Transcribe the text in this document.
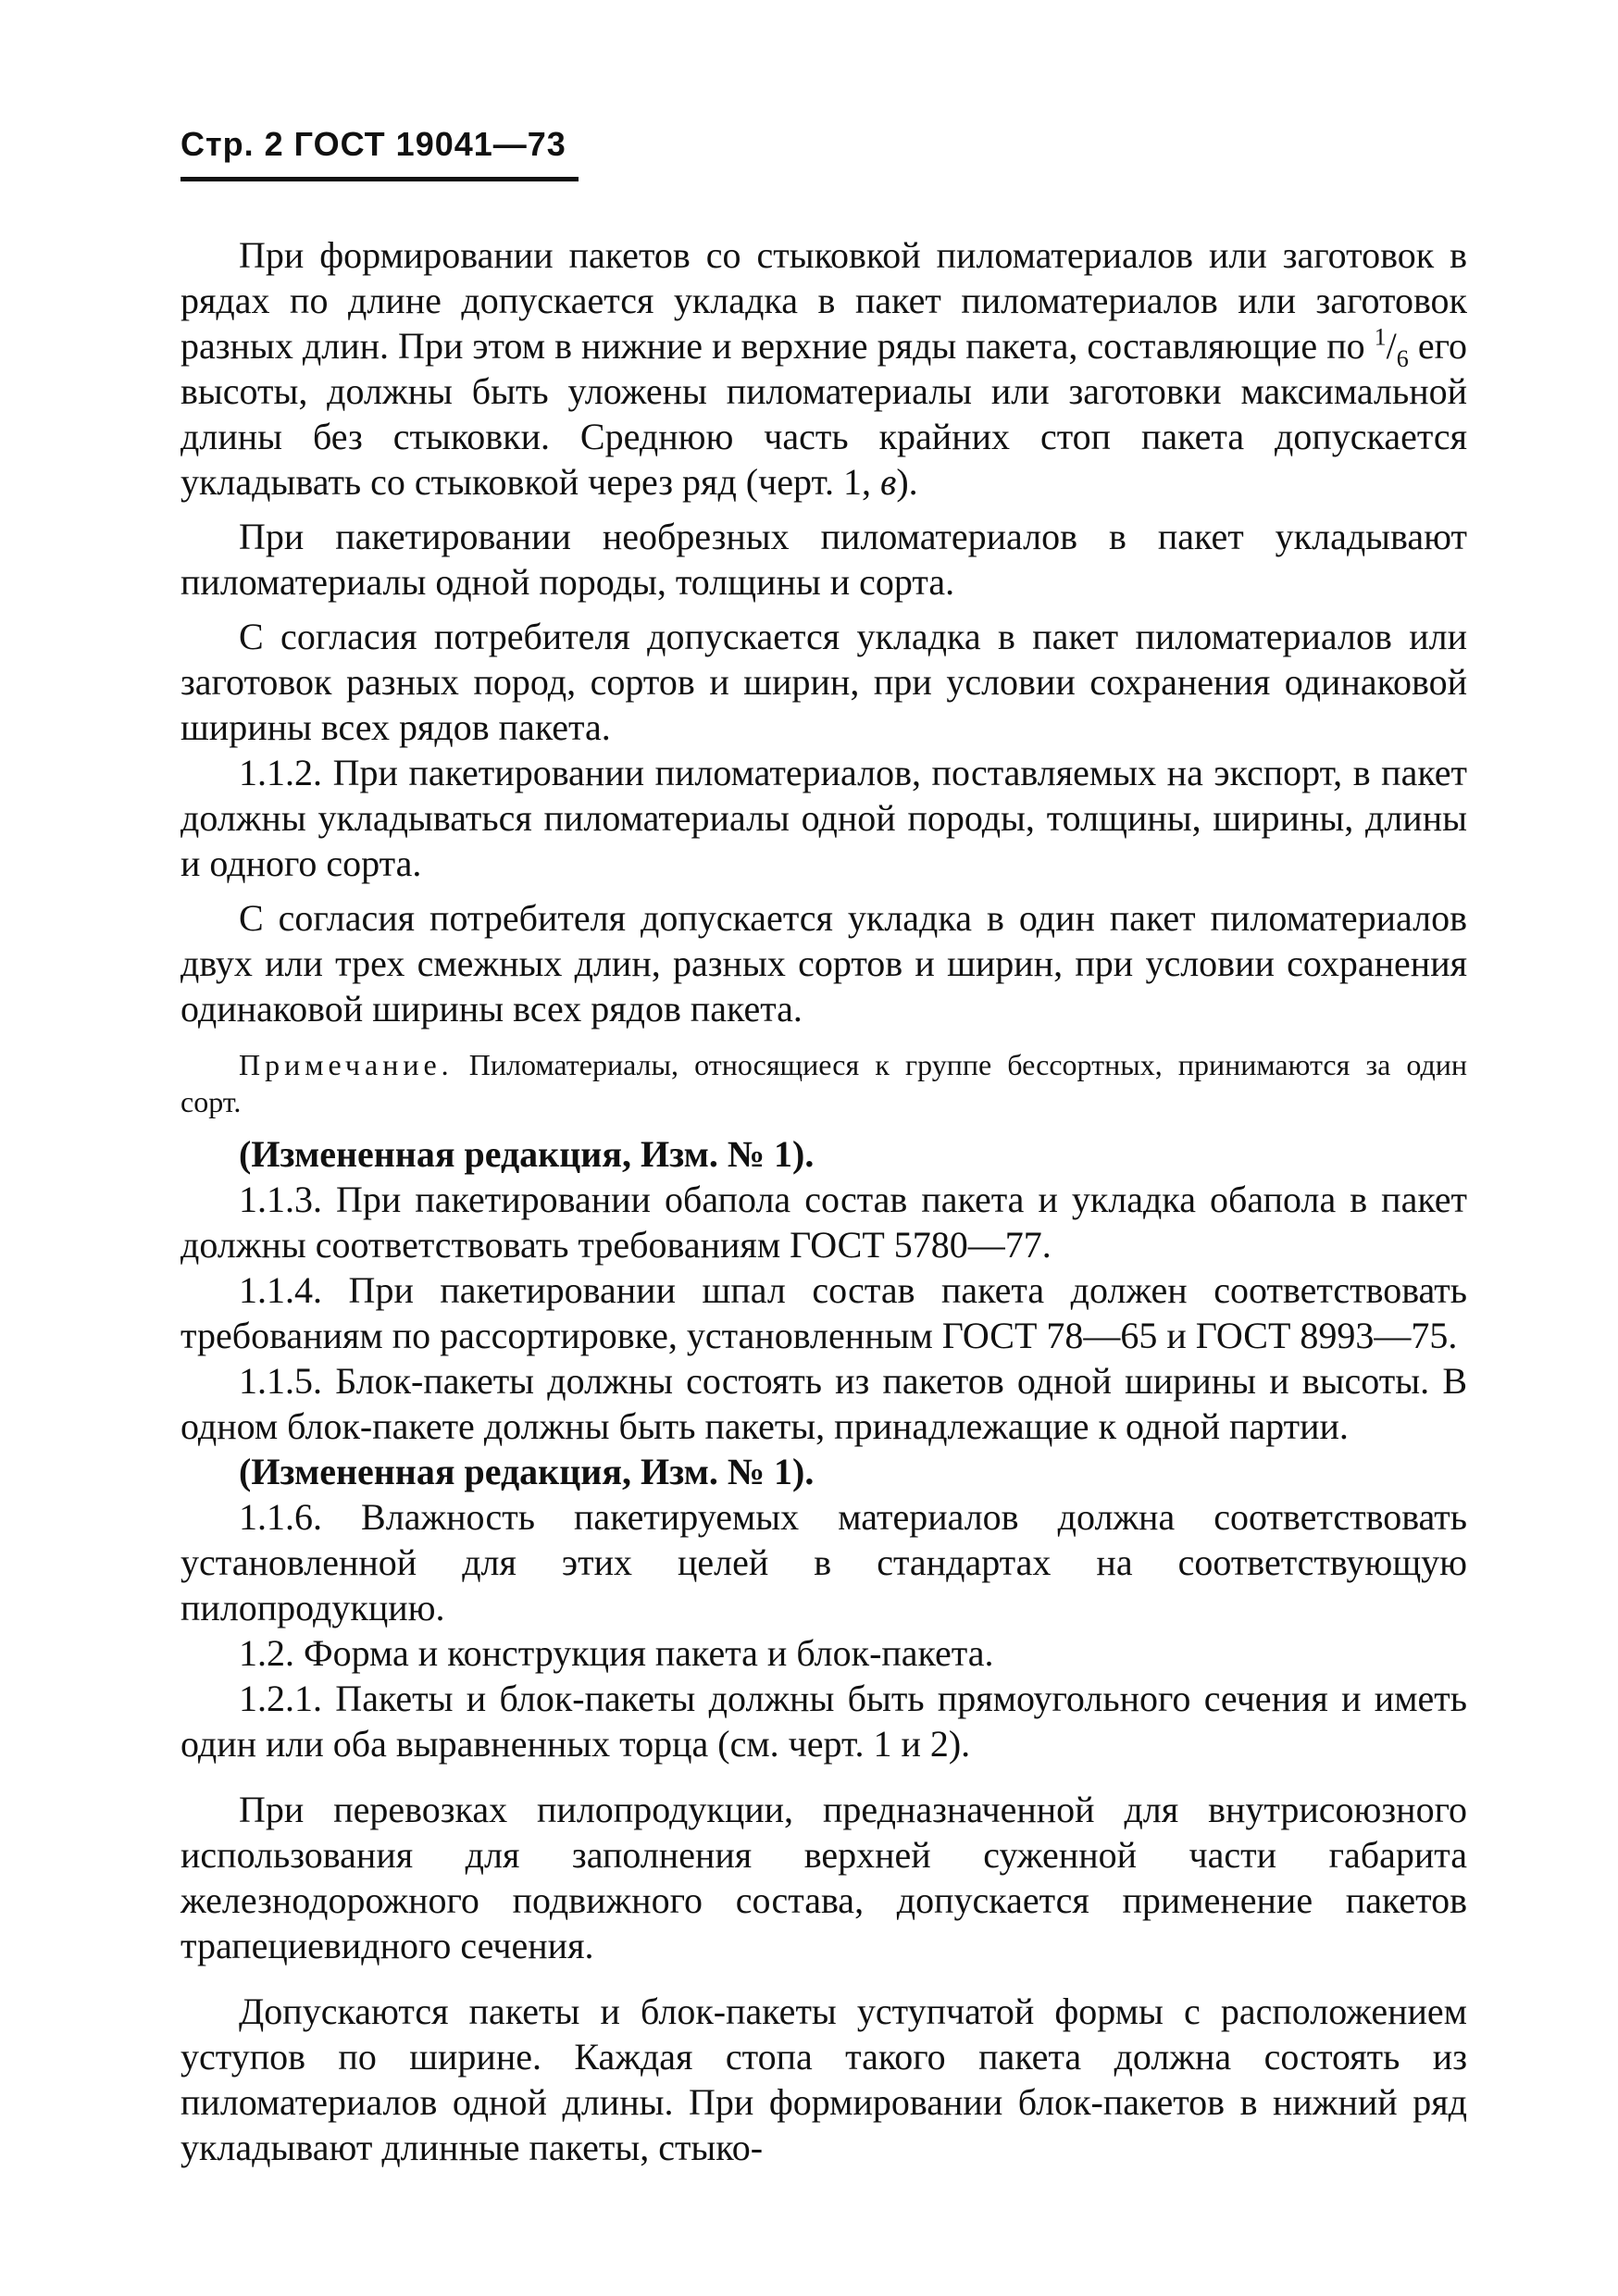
Стр. 2 ГОСТ 19041—73

При формировании пакетов со стыковкой пиломатериалов или заготовок в рядах по длине допускается укладка в пакет пиломатериалов или заготовок разных длин. При этом в нижние и верхние ряды пакета, составляющие по $^1/_6$ его высоты, должны быть уложены пиломатериалы или заготовки максимальной длины без стыковки. Среднюю часть крайних стоп пакета допускается укладывать со стыковкой через ряд (черт. 1, в).

При пакетировании необрезных пиломатериалов в пакет укладывают пиломатериалы одной породы, толщины и сорта.

С согласия потребителя допускается укладка в пакет пиломатериалов или заготовок разных пород, сортов и ширин, при условии сохранения одинаковой ширины всех рядов пакета.

1.1.2. При пакетировании пиломатериалов, поставляемых на экспорт, в пакет должны укладываться пиломатериалы одной породы, толщины, ширины, длины и одного сорта.

С согласия потребителя допускается укладка в один пакет пиломатериалов двух или трех смежных длин, разных сортов и ширин, при условии сохранения одинаковой ширины всех рядов пакета.

Примечание. Пиломатериалы, относящиеся к группе бессортных, принимаются за один сорт.

(Измененная редакция, Изм. № 1).

1.1.3. При пакетировании обапола состав пакета и укладка обапола в пакет должны соответствовать требованиям ГОСТ 5780—77.

1.1.4. При пакетировании шпал состав пакета должен соответствовать требованиям по рассортировке, установленным ГОСТ 78—65 и ГОСТ 8993—75.

1.1.5. Блок-пакеты должны состоять из пакетов одной ширины и высоты. В одном блок-пакете должны быть пакеты, принадлежащие к одной партии.

(Измененная редакция, Изм. № 1).

1.1.6. Влажность пакетируемых материалов должна соответствовать установленной для этих целей в стандартах на соответствующую пилопродукцию.

1.2. Форма и конструкция пакета и блок-пакета.

1.2.1. Пакеты и блок-пакеты должны быть прямоугольного сечения и иметь один или оба выравненных торца (см. черт. 1 и 2).

При перевозках пилопродукции, предназначенной для внутрисоюзного использования для заполнения верхней суженной части габарита железнодорожного подвижного состава, допускается применение пакетов трапециевидного сечения.

Допускаются пакеты и блок-пакеты уступчатой формы с расположением уступов по ширине. Каждая стопа такого пакета должна состоять из пиломатериалов одной длины. При формировании блок-пакетов в нижний ряд укладывают длинные пакеты, стыко-
